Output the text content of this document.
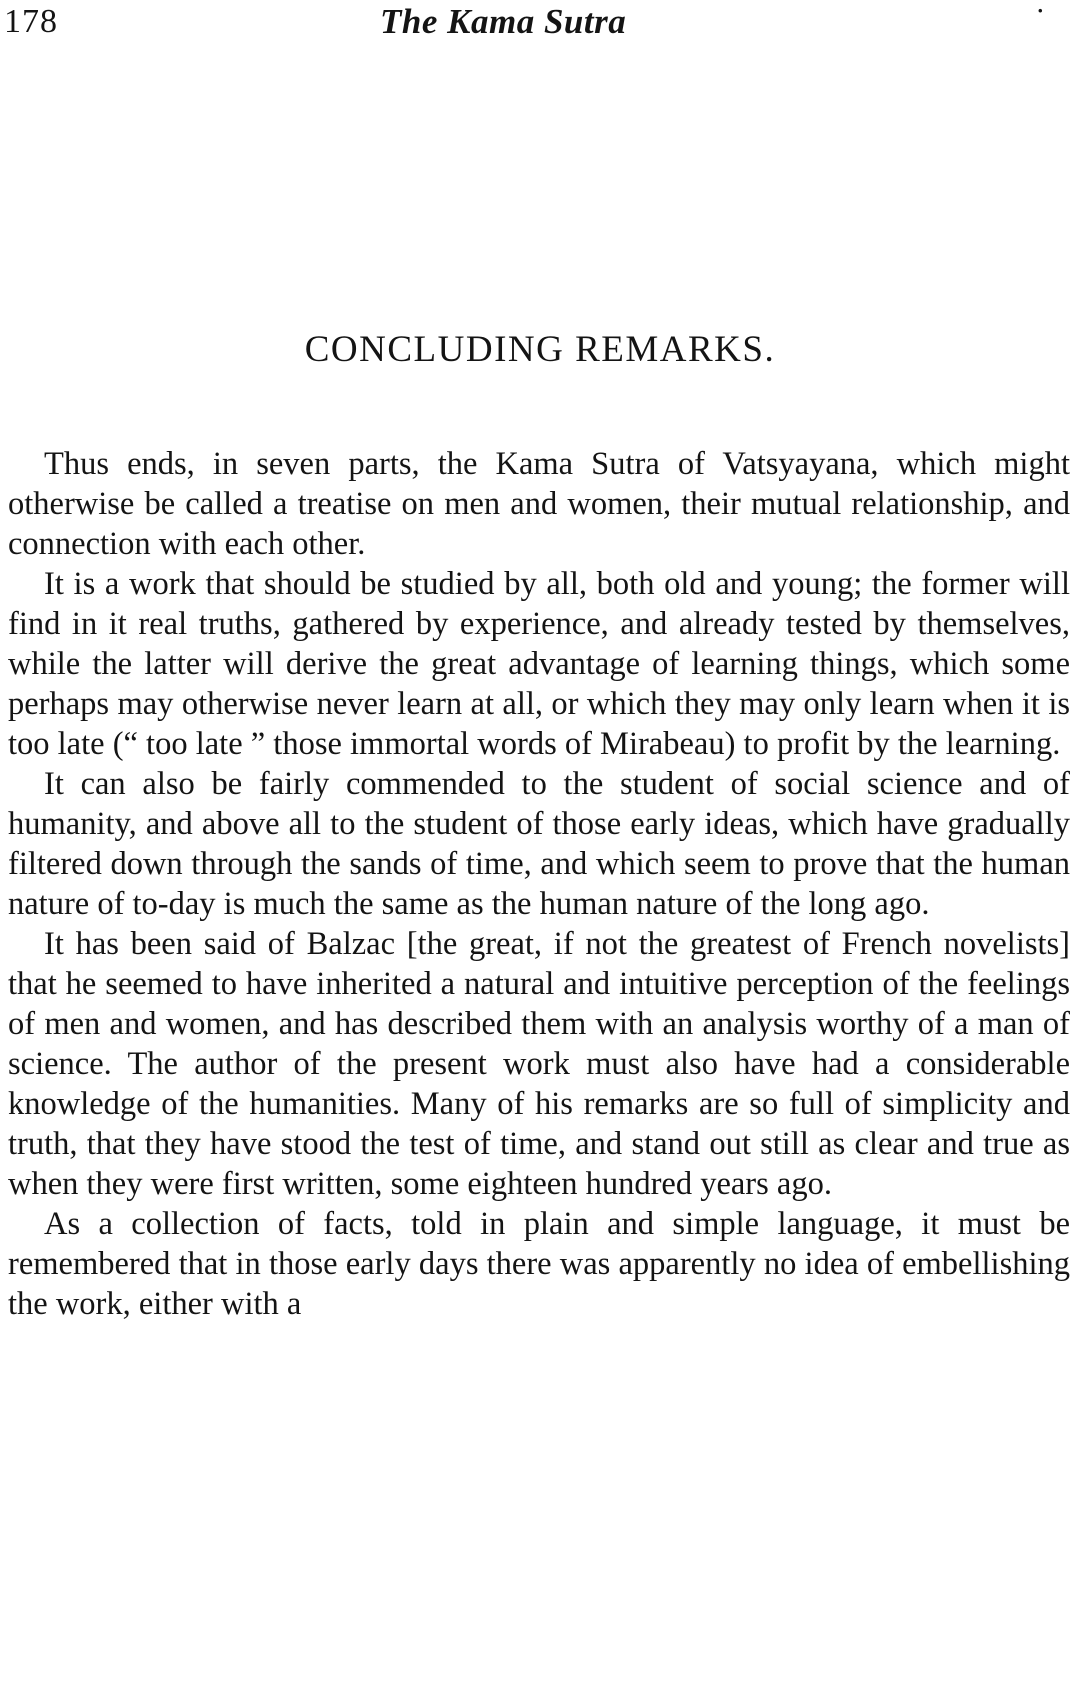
178	The Kama Sutra	·
CONCLUDING REMARKS.

Thus ends, in seven parts, the Kama Sutra of Vatsyayana, which might otherwise be called a treatise on men and women, their mutual relationship, and connection with each other.

It is a work that should be studied by all, both old and young; the former will find in it real truths, gathered by experience, and already tested by themselves, while the latter will derive the great advantage of learning things, which some perhaps may otherwise never learn at all, or which they may only learn when it is too late (“ too late ” those immortal words of Mirabeau) to profit by the learning.

It can also be fairly commended to the student of social science and of humanity, and above all to the student of those early ideas, which have gradually filtered down through the sands of time, and which seem to prove that the human nature of to-day is much the same as the human nature of the long ago.

It has been said of Balzac [the great, if not the greatest of French novelists] that he seemed to have inherited a natural and intuitive perception of the feelings of men and women, and has described them with an analysis worthy of a man of science. The author of the present work must also have had a considerable knowledge of the humanities. Many of his remarks are so full of simplicity and truth, that they have stood the test of time, and stand out still as clear and true as when they were first written, some eighteen hundred years ago.

As a collection of facts, told in plain and simple language, it must be remembered that in those early days there was apparently no idea of embellishing the work, either with a
